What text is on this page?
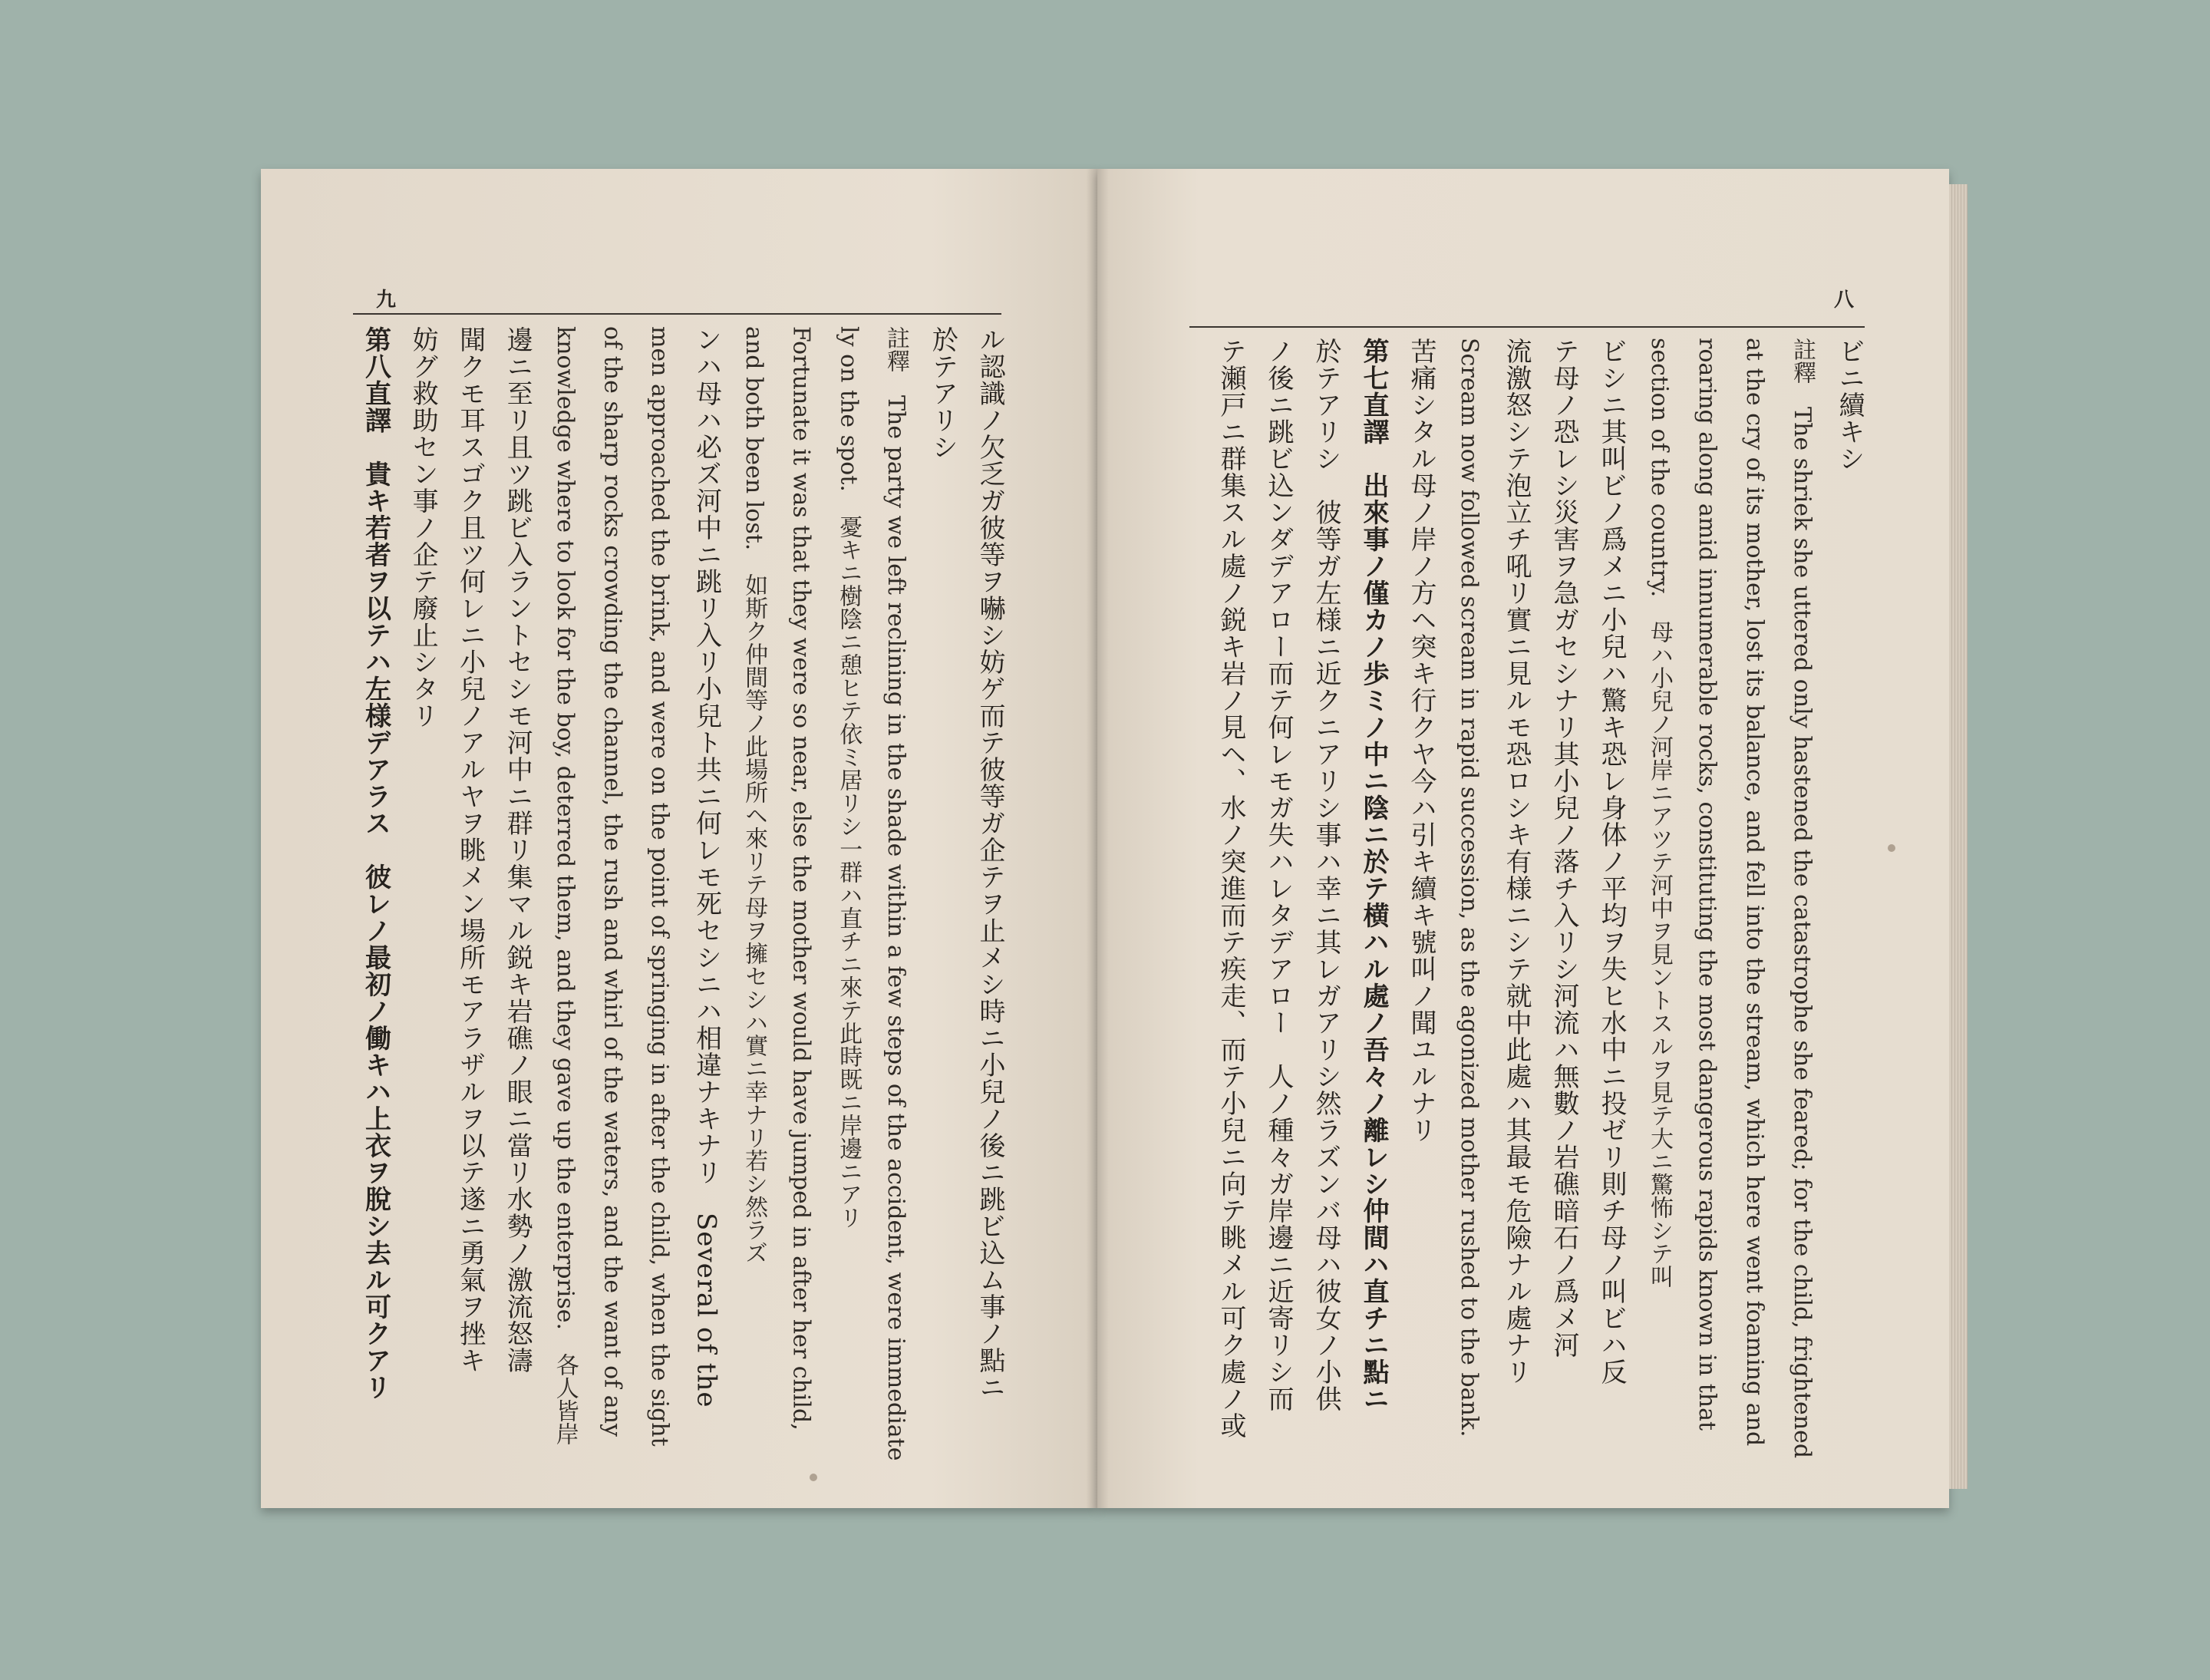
九
ル認識ノ欠乏ガ彼等ヲ嚇シ妨ゲ而テ彼等ガ企テヲ止メシ時ニ小兒ノ後ニ跳ビ込ム事ノ點ニ
於テアリシ
註釋　The party we left reclining in the shade within a few steps of the accident, were immediate
ly on the spot.　憂キニ樹陰ニ憩ヒテ依ミ居リシ一群ハ直チニ來テ此時既ニ岸邊ニアリ
Fortunate it was that they were so near, else the mother would have jumped in after her child,
and both been lost.　如斯ク仲間等ノ此場所ヘ來リテ母ヲ擁セシハ實ニ幸ナリ若シ然ラズ
ンハ母ハ必ズ河中ニ跳リ入リ小兒ト共ニ何レモ死セシニハ相違ナキナリ　Several of the
men approached the brink, and were on the point of springing in after the child, when the sight
of the sharp rocks crowding the channel, the rush and whirl of the waters, and the want of any
knowledge where to look for the boy, deterred them, and they gave up the enterprise.　各人皆岸
邊ニ至リ且ツ跳ビ入ラントセシモ河中ニ群リ集マル鋭キ岩礁ノ眼ニ當リ水勢ノ激流怒濤
聞クモ耳スゴク且ツ何レニ小兒ノアルヤヲ眺メン場所モアラザルヲ以テ遂ニ勇氣ヲ挫キ
妨グ救助セン事ノ企テ廢止シタリ
第八直譯　貴キ若者ヲ以テハ左様デアラス　彼レノ最初ノ働キハ上衣ヲ脫シ去ル可クアリ
八
ビニ續キシ
註釋　The shriek she uttered only hastened the catastrophe she feared; for the child, frightened
at the cry of its mother, lost its balance, and fell into the stream, which here went foaming and
roaring along amid innumerable rocks, constituting the most dangerous rapids known in that
section of the country.　母ハ小兒ノ河岸ニアツテ河中ヲ見ントスルヲ見テ大ニ驚怖シテ叫
ビシニ其叫ビノ爲メニ小兒ハ驚キ恐レ身体ノ平均ヲ失ヒ水中ニ投ゼリ則チ母ノ叫ビハ反
テ母ノ恐レシ災害ヲ急ガセシナリ其小兒ノ落チ入リシ河流ハ無數ノ岩礁暗石ノ爲メ河
流激怒シテ泡立チ吼リ實ニ見ルモ恐ロシキ有様ニシテ就中此處ハ其最モ危險ナル處ナリ
Scream now followed scream in rapid succession, as the agonized mother rushed to the bank.
苦痛シタル母ノ岸ノ方ヘ突キ行クヤ今ハ引キ續キ號叫ノ聞ユルナリ
第七直譯　出來事ノ僅カノ歩ミノ中ニ陰ニ於テ横ハル處ノ吾々ノ離レシ仲間ハ直チニ點ニ
於テアリシ　彼等ガ左様ニ近クニアリシ事ハ幸ニ其レガアリシ然ラズンバ母ハ彼女ノ小供
ノ後ニ跳ビ込ンダデアロー而テ何レモガ失ハレタデアロー　人ノ種々ガ岸邊ニ近寄リシ而
テ瀬戸ニ群集スル處ノ鋭キ岩ノ見ヘ、水ノ突進而テ疾走、而テ小兒ニ向テ眺メル可ク處ノ或
